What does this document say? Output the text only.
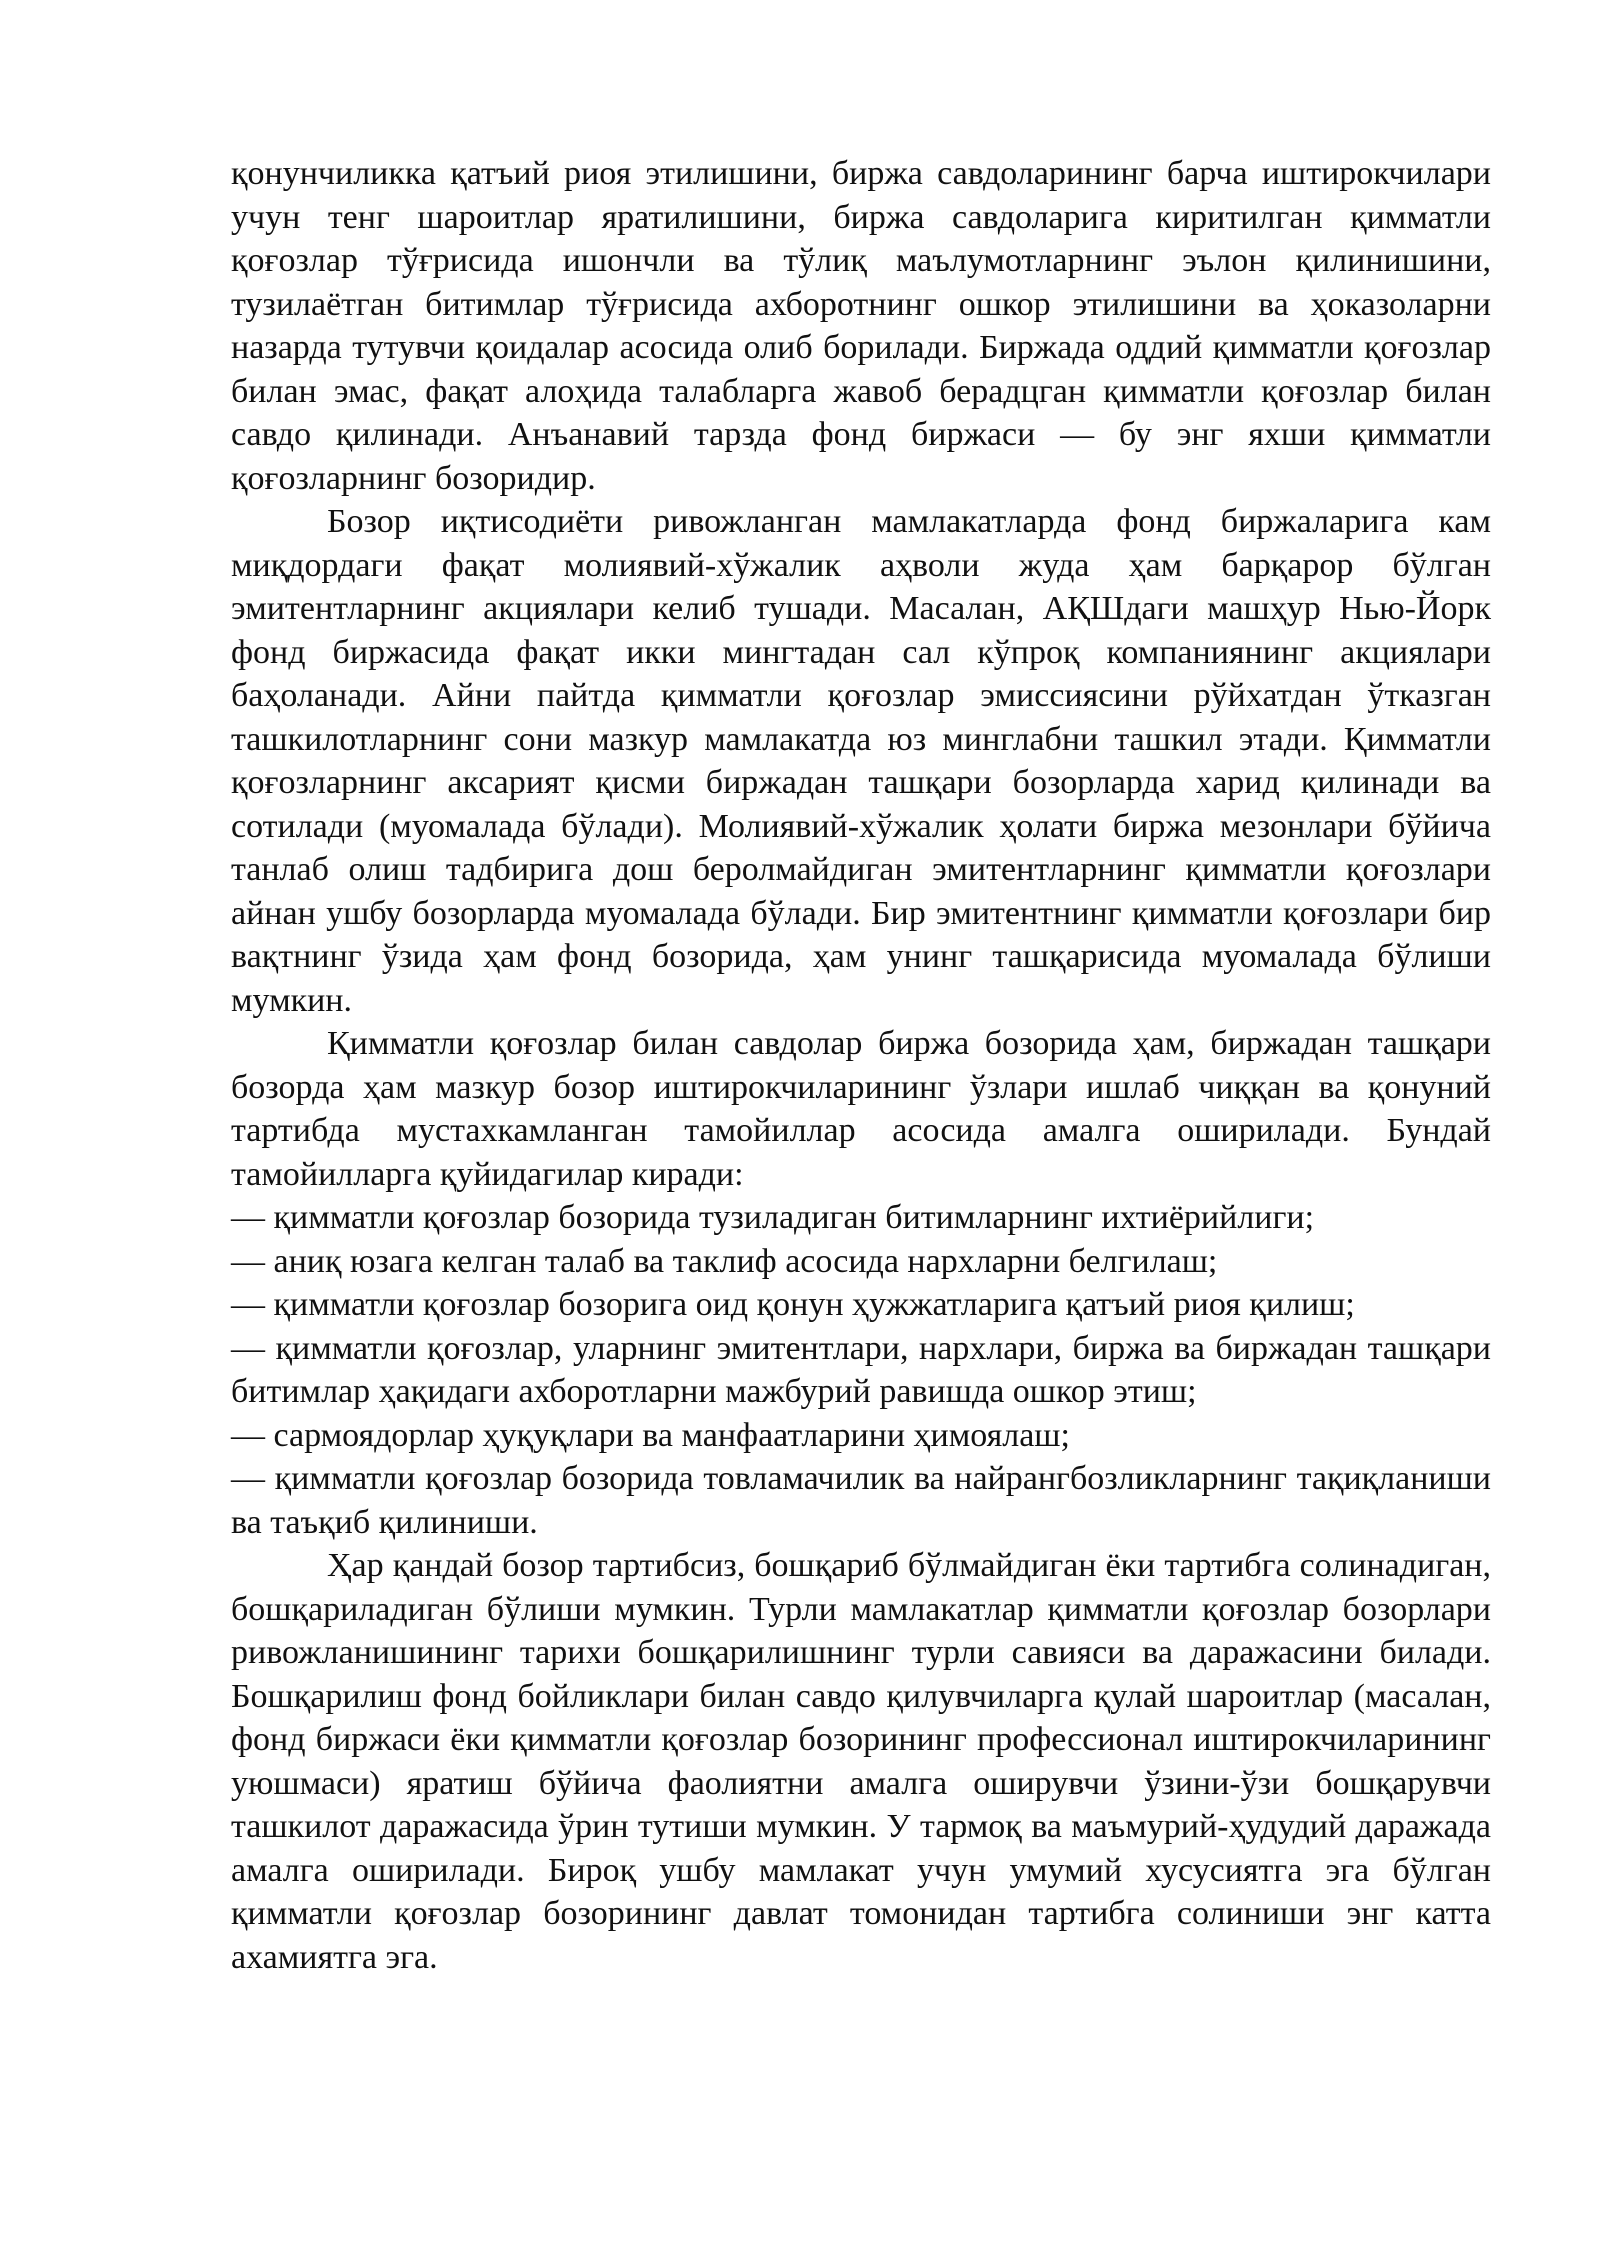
қонунчиликка қатъий риоя этилишини, биржа савдоларининг барча иштирокчилари учун тенг шароитлар яратилишини, биржа савдоларига киритилган қимматли қоғозлар тўғрисида ишончли ва тўлиқ маълумотларнинг эълон қилинишини, тузилаётган битимлар тўғрисида ахборотнинг ошкор этилишини ва ҳоказоларни назарда тутувчи қоидалар асосида олиб борилади. Биржада оддий қимматли қоғозлар билан эмас, фақат алоҳида талабларга жавоб берадцган қимматли қоғозлар билан савдо қилинади. Анъанавий тарзда фонд биржаси — бу энг яхши қимматли қоғозларнинг бозоридир.

Бозор иқтисодиёти ривожланган мамлакатларда фонд биржаларига кам миқдордаги фақат молиявий-хўжалик аҳволи жуда ҳам барқарор бўлган эмитентларнинг акциялари келиб тушади. Масалан, АҚШдаги машҳур Нью-Йорк фонд биржасида фақат икки мингтадан сал кўпроқ компаниянинг акциялари баҳоланади. Айни пайтда қимматли қоғозлар эмиссиясини рўйхатдан ўтказган ташкилотларнинг сони мазкур мамлакатда юз минглабни ташкил этади. Қимматли қоғозларнинг аксарият қисми биржадан ташқари бозорларда харид қилинади ва сотилади (муомалада бўлади). Молиявий-хўжалик ҳолати биржа мезонлари бўйича танлаб олиш тадбирига дош беролмайдиган эмитентларнинг қимматли қоғозлари айнан ушбу бозорларда муомалада бўлади. Бир эмитентнинг қимматли қоғозлари бир вақтнинг ўзида ҳам фонд бозорида, ҳам унинг ташқарисида муомалада бўлиши мумкин.

Қимматли қоғозлар билан савдолар биржа бозорида ҳам, биржадан ташқари бозорда ҳам мазкур бозор иштирокчиларининг ўзлари ишлаб чиққан ва қонуний тартибда мустахкамланган тамойиллар асосида амалга оширилади. Бундай тамойилларга қуйидагилар киради:

— қимматли қоғозлар бозорида тузиладиган битимларнинг ихтиёрийлиги;
— аниқ юзага келган талаб ва таклиф асосида нархларни белгилаш;
— қимматли қоғозлар бозорига оид қонун ҳужжатларига қатъий риоя қилиш;
— қимматли қоғозлар, уларнинг эмитентлари, нархлари, биржа ва биржадан ташқари битимлар ҳақидаги ахборотларни мажбурий равишда ошкор этиш;
— сармоядорлар ҳуқуқлари ва манфаатларини ҳимоялаш;
— қимматли қоғозлар бозорида товламачилик ва найрангбозликларнинг тақиқланиши ва таъқиб қилиниши.

Ҳар қандай бозор тартибсиз, бошқариб бўлмайдиган ёки тартибга солинадиган, бошқариладиган бўлиши мумкин. Турли мамлакатлар қимматли қоғозлар бозорлари ривожланишининг тарихи бошқарилишнинг турли савияси ва даражасини билади. Бошқарилиш фонд бойликлари билан савдо қилувчиларга қулай шароитлар (масалан, фонд биржаси ёки қимматли қоғозлар бозорининг профессионал иштирокчиларининг уюшмаси) яратиш бўйича фаолиятни амалга оширувчи ўзини-ўзи бошқарувчи ташкилот даражасида ўрин тутиши мумкин. У тармоқ ва маъмурий-ҳудудий даражада амалга оширилади. Бироқ ушбу мамлакат учун умумий хусусиятга эга бўлган қимматли қоғозлар бозорининг давлат томонидан тартибга солиниши энг катта ахамиятга эга.
